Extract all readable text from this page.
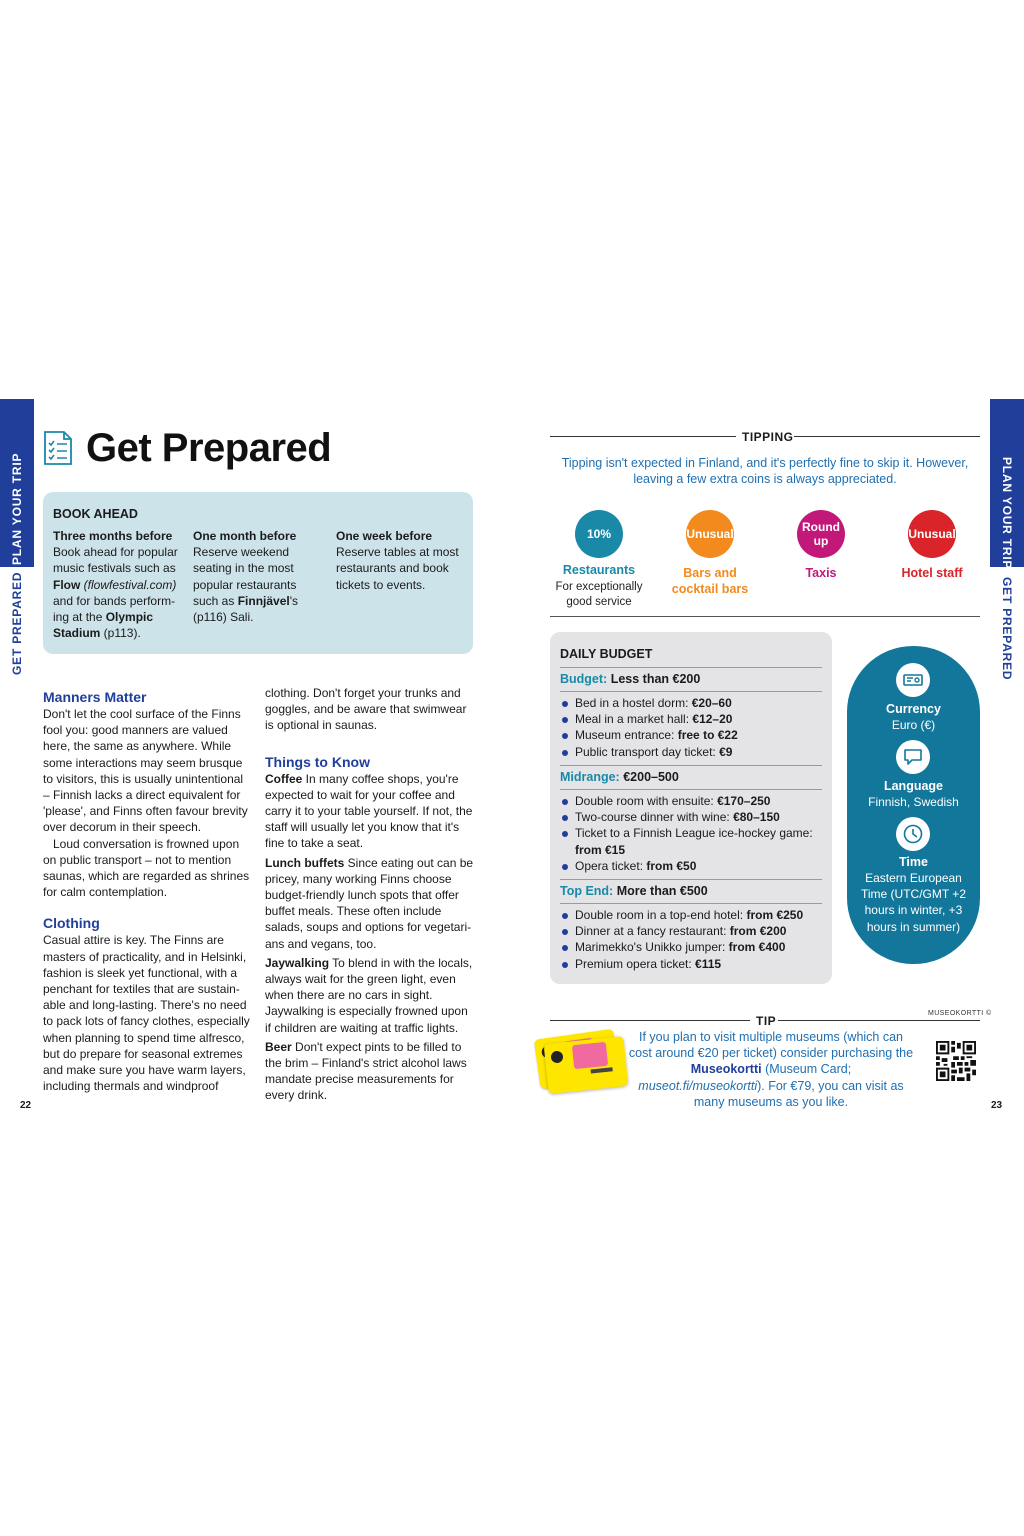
PLAN YOUR TRIP
GET PREPARED
PLAN YOUR TRIP
GET PREPARED
22	23
Get Prepared
BOOK AHEAD
Three months before
Book ahead for popular music festivals such as Flow (flowfestival.com) and for bands perform-ing at the Olympic Stadium (p113).
One month before
Reserve weekend seating in the most popular restaurants such as Finnjävel's (p116) Sali.
One week before
Reserve tables at most restaurants and book tickets to events.
Manners Matter
Don't let the cool surface of the Finns fool you: good manners are valued here, the same as anywhere. While some interactions may seem brusque to visitors, this is usually unintentional – Finnish lacks a direct equivalent for 'please', and Finns often favour brevity over decorum in their speech.
Loud conversation is frowned upon on public transport – not to mention saunas, which are regarded as shrines for calm contemplation.
Clothing
Casual attire is key. The Finns are masters of practicality, and in Helsinki, fashion is sleek yet functional, with a penchant for textiles that are sustain-able and long-lasting. There's no need to pack lots of fancy clothes, especially when planning to spend time alfresco, but do prepare for seasonal extremes and make sure you have warm layers, including thermals and windproof
clothing. Don't forget your trunks and goggles, and be aware that swimwear is optional in saunas.
Things to Know
Coffee In many coffee shops, you're expected to wait for your coffee and carry it to your table yourself. If not, the staff will usually let you know that it's fine to take a seat.
Lunch buffets Since eating out can be pricey, many working Finns choose budget-friendly lunch spots that offer buffet meals. These often include salads, soups and options for vegetari-ans and vegans, too.
Jaywalking To blend in with the locals, always wait for the green light, even when there are no cars in sight. Jaywalking is especially frowned upon if children are waiting at traffic lights.
Beer Don't expect pints to be filled to the brim – Finland's strict alcohol laws mandate precise measurements for every drink.
TIPPING
Tipping isn't expected in Finland, and it's perfectly fine to skip it. However, leaving a few extra coins is always appreciated.
10%
Restaurants
For exceptionally good service
Unusual
Bars and cocktail bars
Round up
Taxis
Unusual
Hotel staff
DAILY BUDGET
Budget: Less than €200
Bed in a hostel dorm: €20–60
Meal in a market hall: €12–20
Museum entrance: free to €22
Public transport day ticket: €9
Midrange: €200–500
Double room with ensuite: €170–250
Two-course dinner with wine: €80–150
Ticket to a Finnish League ice-hockey game: from €15
Opera ticket: from €50
Top End: More than €500
Double room in a top-end hotel: from €250
Dinner at a fancy restaurant: from €200
Marimekko's Unikko jumper: from €400
Premium opera ticket: €115
Currency
Euro (€)
Language
Finnish, Swedish
Time
Eastern European Time (UTC/GMT +2 hours in winter, +3 hours in summer)
MUSEOKORTTI ©
TIP
If you plan to visit multiple museums (which can cost around €20 per ticket) consider purchasing the Museokortti (Museum Card; museot.fi/museokortti). For €79, you can visit as many museums as you like.
